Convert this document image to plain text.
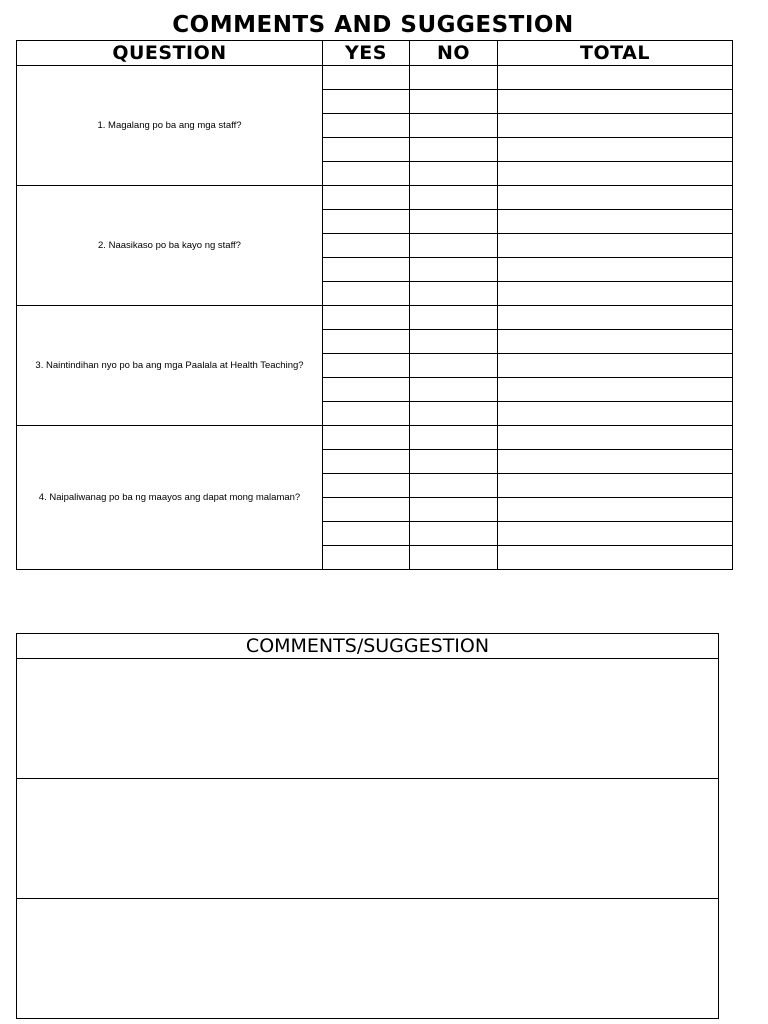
COMMENTS AND SUGGESTION
QUESTION	YES	NO	TOTAL
1. Magalang po ba ang mga staff?			

2. Naasikaso po ba kayo ng staff?			

3. Naintindihan nyo po ba ang mga Paalala at Health Teaching?			

4. Naipaliwanag po ba ng maayos ang dapat mong malaman?			

COMMENTS/SUGGESTION
